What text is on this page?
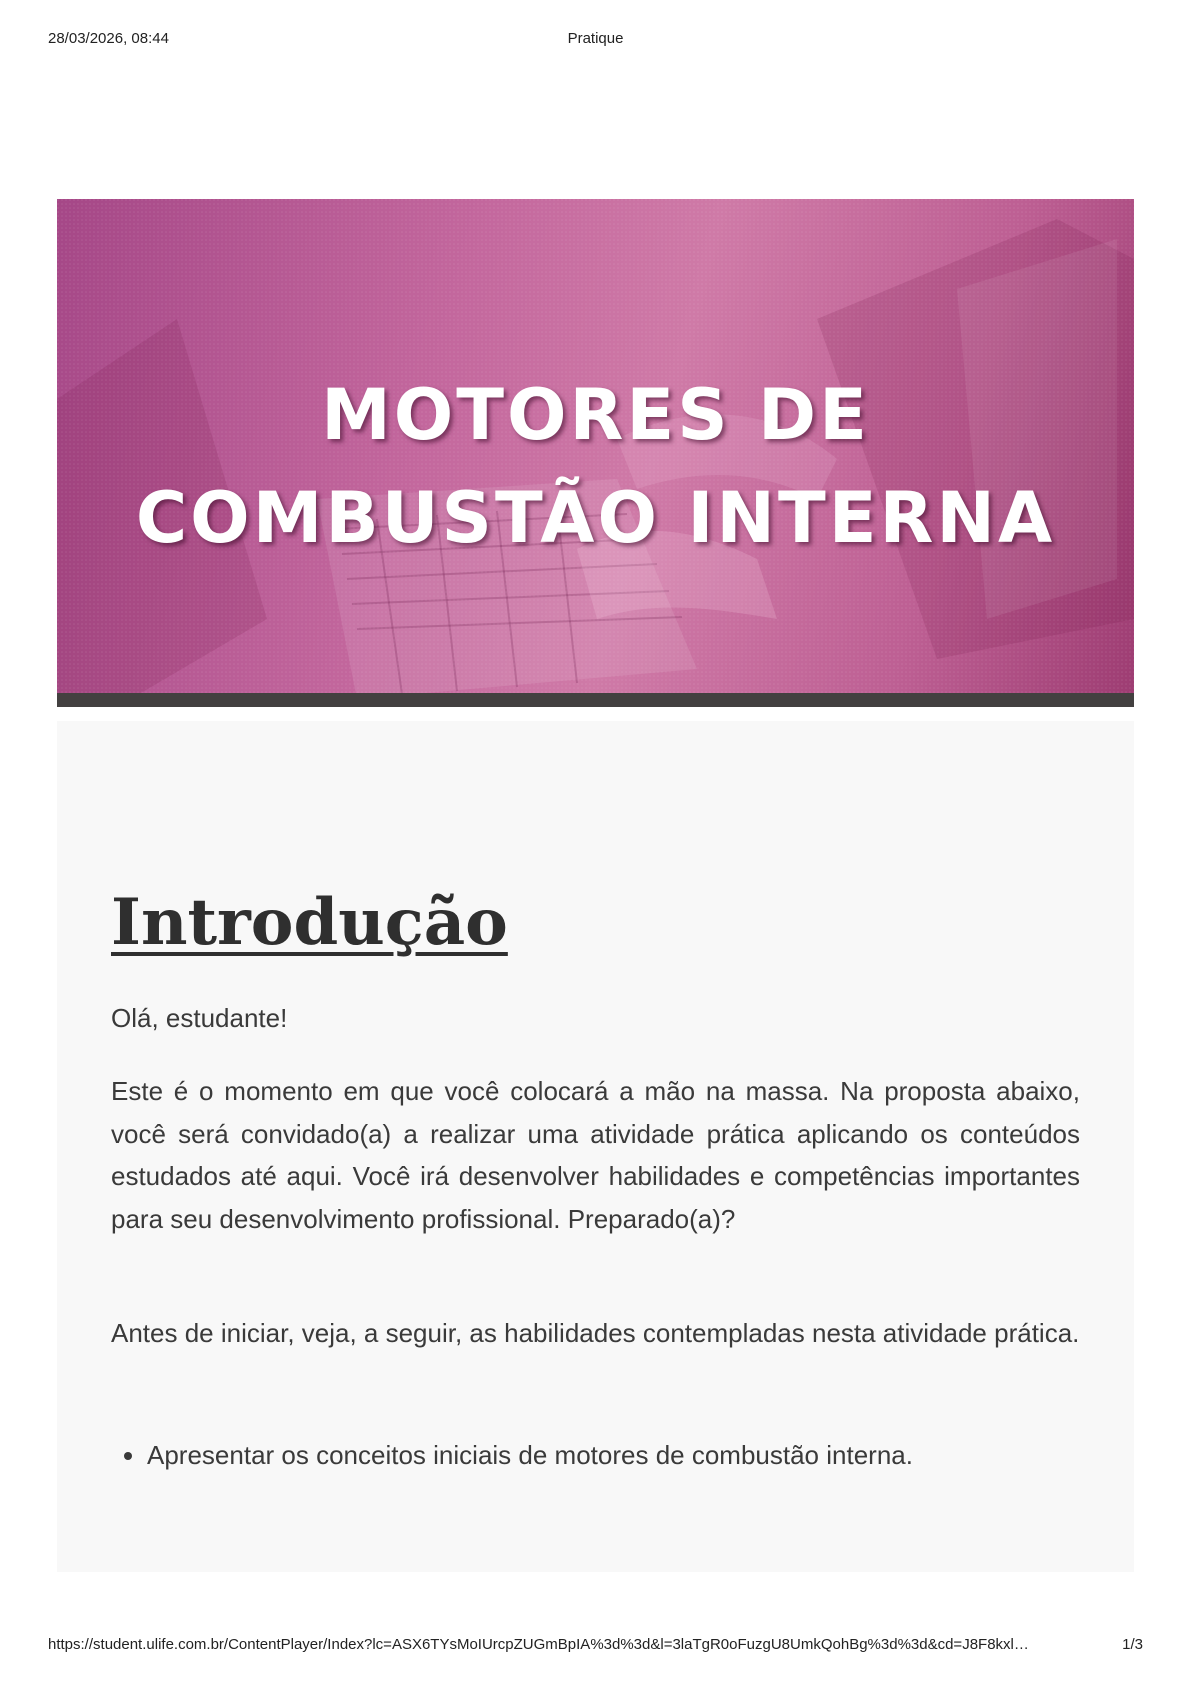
28/03/2026, 08:44	Pratique
MOTORES DE
COMBUSTÃO INTERNA
Introdução

Olá, estudante!

Este é o momento em que você colocará a mão na massa. Na proposta abaixo, você será convidado(a) a realizar uma atividade prática aplicando os conteúdos estudados até aqui. Você irá desenvolver habilidades e competências importantes para seu desenvolvimento profissional. Preparado(a)?

Antes de iniciar, veja, a seguir, as habilidades contempladas nesta atividade prática.

• Apresentar os conceitos iniciais de motores de combustão interna.
https://student.ulife.com.br/ContentPlayer/Index?lc=ASX6TYsMoIUrcpZUGmBpIA%3d%3d&l=3laTgR0oFuzgU8UmkQohBg%3d%3d&cd=J8F8kxl…	1/3
